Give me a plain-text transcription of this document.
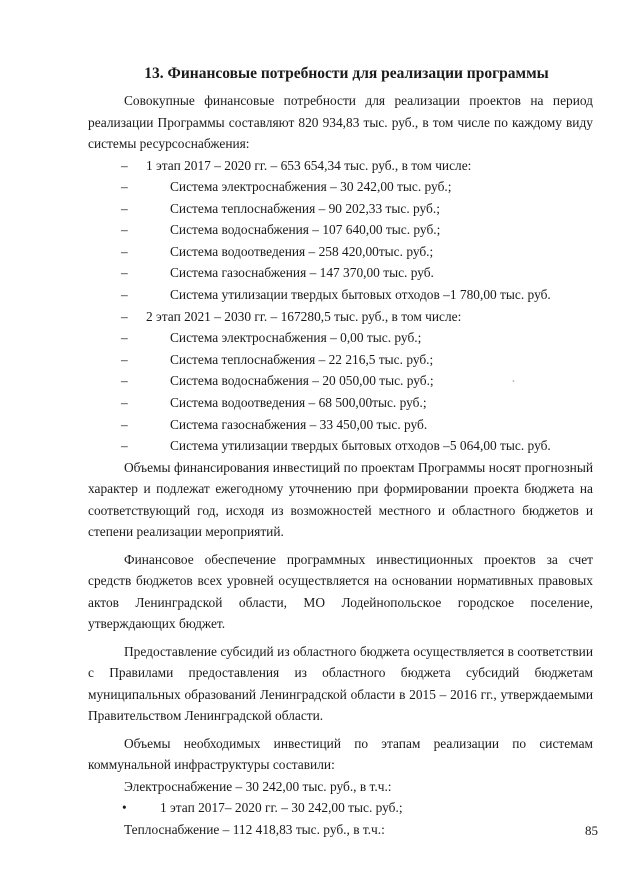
13. Финансовые потребности для реализации программы

Совокупные финансовые потребности для реализации проектов на период реализации Программы составляют 820 934,83 тыс. руб., в том числе по каждому виду системы ресурсоснабжения:

–	1 этап 2017 – 2020 гг. – 653 654,34 тыс. руб., в том числе:
–	Система электроснабжения – 30 242,00 тыс. руб.;
–	Система теплоснабжения – 90 202,33 тыс. руб.;
–	Система водоснабжения – 107 640,00 тыс. руб.;
–	Система водоотведения – 258 420,00тыс. руб.;
–	Система газоснабжения – 147 370,00 тыс. руб.
–	Система утилизации твердых бытовых отходов –1 780,00 тыс. руб.
–	2 этап 2021 – 2030 гг. – 167280,5 тыс. руб., в том числе:
–	Система электроснабжения – 0,00 тыс. руб.;
–	Система теплоснабжения – 22 216,5 тыс. руб.;
–	Система водоснабжения – 20 050,00 тыс. руб.;
–	Система водоотведения – 68 500,00тыс. руб.;
–	Система газоснабжения – 33 450,00 тыс. руб.
–	Система утилизации твердых бытовых отходов –5 064,00 тыс. руб.

Объемы финансирования инвестиций по проектам Программы носят прогнозный характер и подлежат ежегодному уточнению при формировании проекта бюджета на соответствующий год, исходя из возможностей местного и областного бюджетов и степени реализации мероприятий.

Финансовое обеспечение программных инвестиционных проектов за счет средств бюджетов всех уровней осуществляется на основании нормативных правовых актов Ленинградской области, МО Лодейнопольское городское поселение, утверждающих бюджет.

Предоставление субсидий из областного бюджета осуществляется в соответствии с Правилами предоставления из областного бюджета субсидий бюджетам муниципальных образований Ленинградской области в 2015 – 2016 гг., утверждаемыми Правительством Ленинградской области.

Объемы необходимых инвестиций по этапам реализации по системам коммунальной инфраструктуры составили:

Электроснабжение – 30 242,00 тыс. руб., в т.ч.:
• 1 этап 2017– 2020 гг. – 30 242,00 тыс. руб.;
Теплоснабжение – 112 418,83 тыс. руб., в т.ч.:
`
85
